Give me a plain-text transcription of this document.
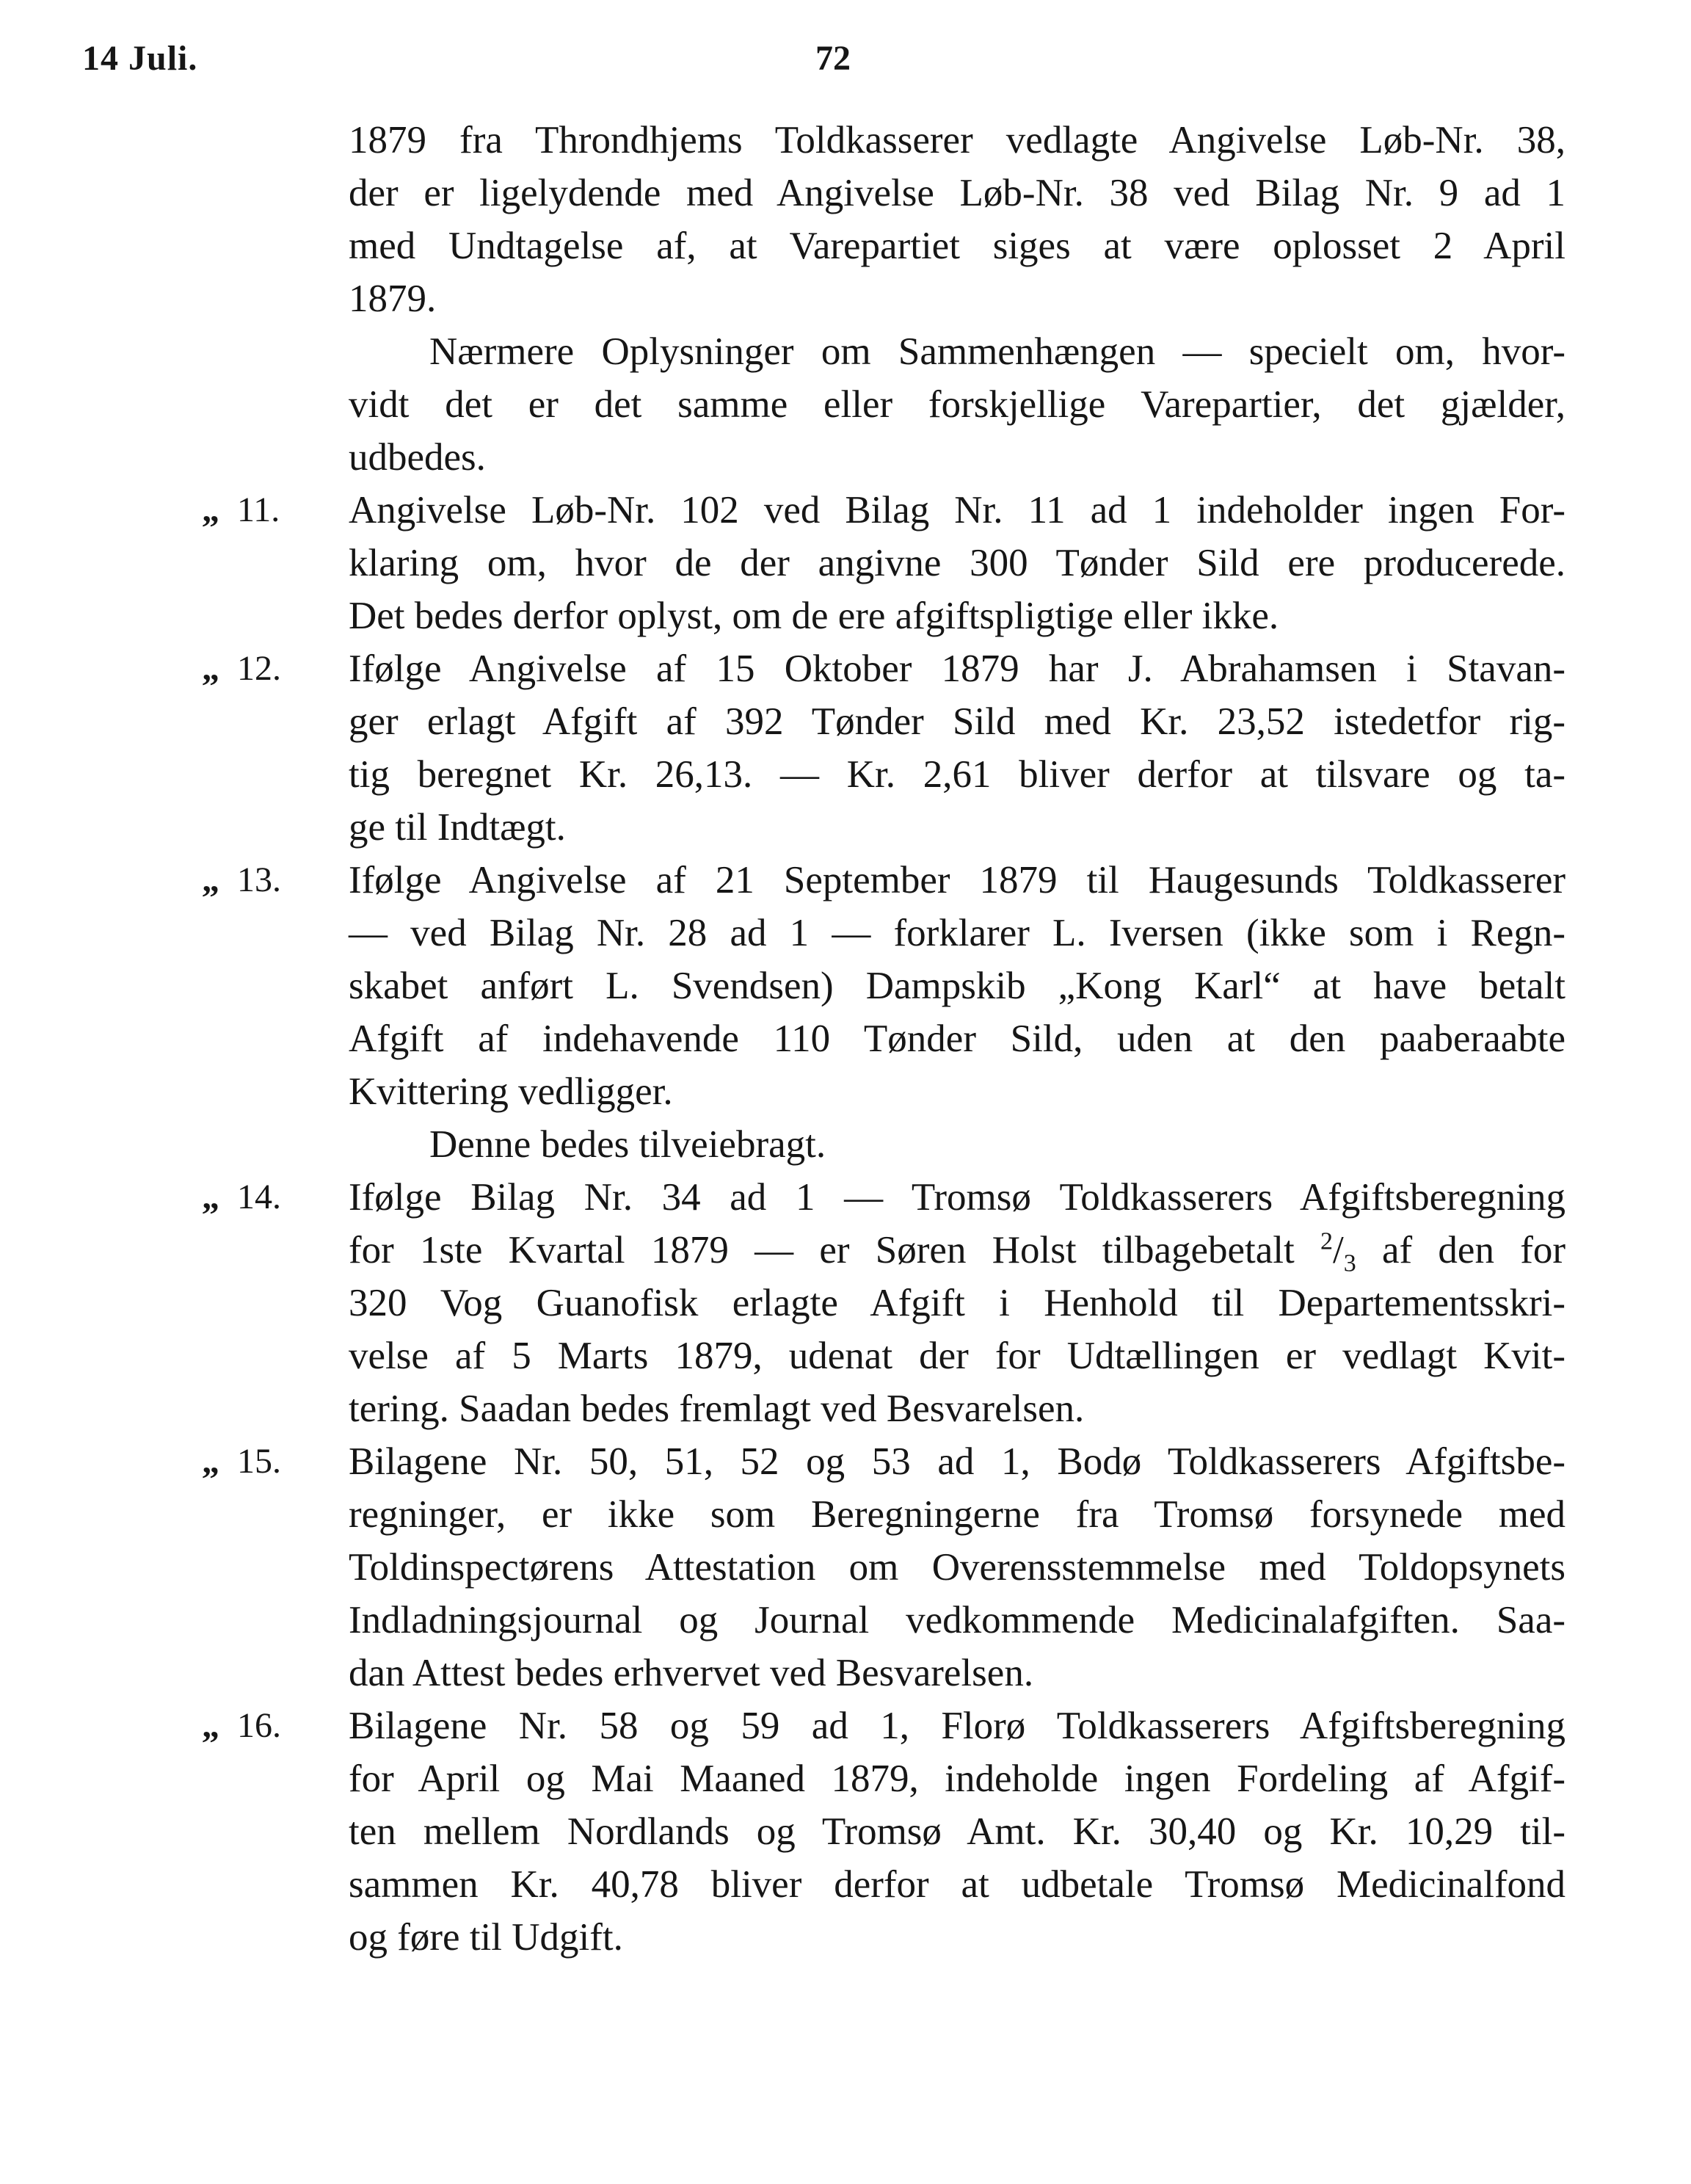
14 Juli.	72
1879 fra Throndhjems Toldkasserer vedlagte Angivelse Løb-Nr. 38,
der er ligelydende med Angivelse Løb-Nr. 38 ved Bilag Nr. 9 ad 1
med Undtagelse af, at Varepartiet siges at være oplosset 2 April
1879.
Nærmere Oplysninger om Sammenhængen — specielt om, hvor-
vidt det er det samme eller forskjellige Varepartier, det gjælder,
udbedes.
„ 11.	Angivelse Løb-Nr. 102 ved Bilag Nr. 11 ad 1 indeholder ingen For-
klaring om, hvor de der angivne 300 Tønder Sild ere producerede.
Det bedes derfor oplyst, om de ere afgiftspligtige eller ikke.
„ 12.	Ifølge Angivelse af 15 Oktober 1879 har J. Abrahamsen i Stavan-
ger erlagt Afgift af 392 Tønder Sild med Kr. 23,52 istedetfor rig-
tig beregnet Kr. 26,13. — Kr. 2,61 bliver derfor at tilsvare og ta-
ge til Indtægt.
„ 13.	Ifølge Angivelse af 21 September 1879 til Haugesunds Toldkasserer
— ved Bilag Nr. 28 ad 1 — forklarer L. Iversen (ikke som i Regn-
skabet anført L. Svendsen) Dampskib „Kong Karl“ at have betalt
Afgift af indehavende 110 Tønder Sild, uden at den paaberaabte
Kvittering vedligger.
Denne bedes tilveiebragt.
„ 14.	Ifølge Bilag Nr. 34 ad 1 — Tromsø Toldkasserers Afgiftsberegning
for 1ste Kvartal 1879 — er Søren Holst tilbagebetalt $^2/_3$ af den for
320 Vog Guanofisk erlagte Afgift i Henhold til Departementsskri-
velse af 5 Marts 1879, udenat der for Udtællingen er vedlagt Kvit-
tering. Saadan bedes fremlagt ved Besvarelsen.
„ 15.	Bilagene Nr. 50, 51, 52 og 53 ad 1, Bodø Toldkasserers Afgiftsbe-
regninger, er ikke som Beregningerne fra Tromsø forsynede med
Toldinspectørens Attestation om Overensstemmelse med Toldopsynets
Indladningsjournal og Journal vedkommende Medicinalafgiften. Saa-
dan Attest bedes erhvervet ved Besvarelsen.
„ 16.	Bilagene Nr. 58 og 59 ad 1, Florø Toldkasserers Afgiftsberegning
for April og Mai Maaned 1879, indeholde ingen Fordeling af Afgif-
ten mellem Nordlands og Tromsø Amt. Kr. 30,40 og Kr. 10,29 til-
sammen Kr. 40,78 bliver derfor at udbetale Tromsø Medicinalfond
og føre til Udgift.
